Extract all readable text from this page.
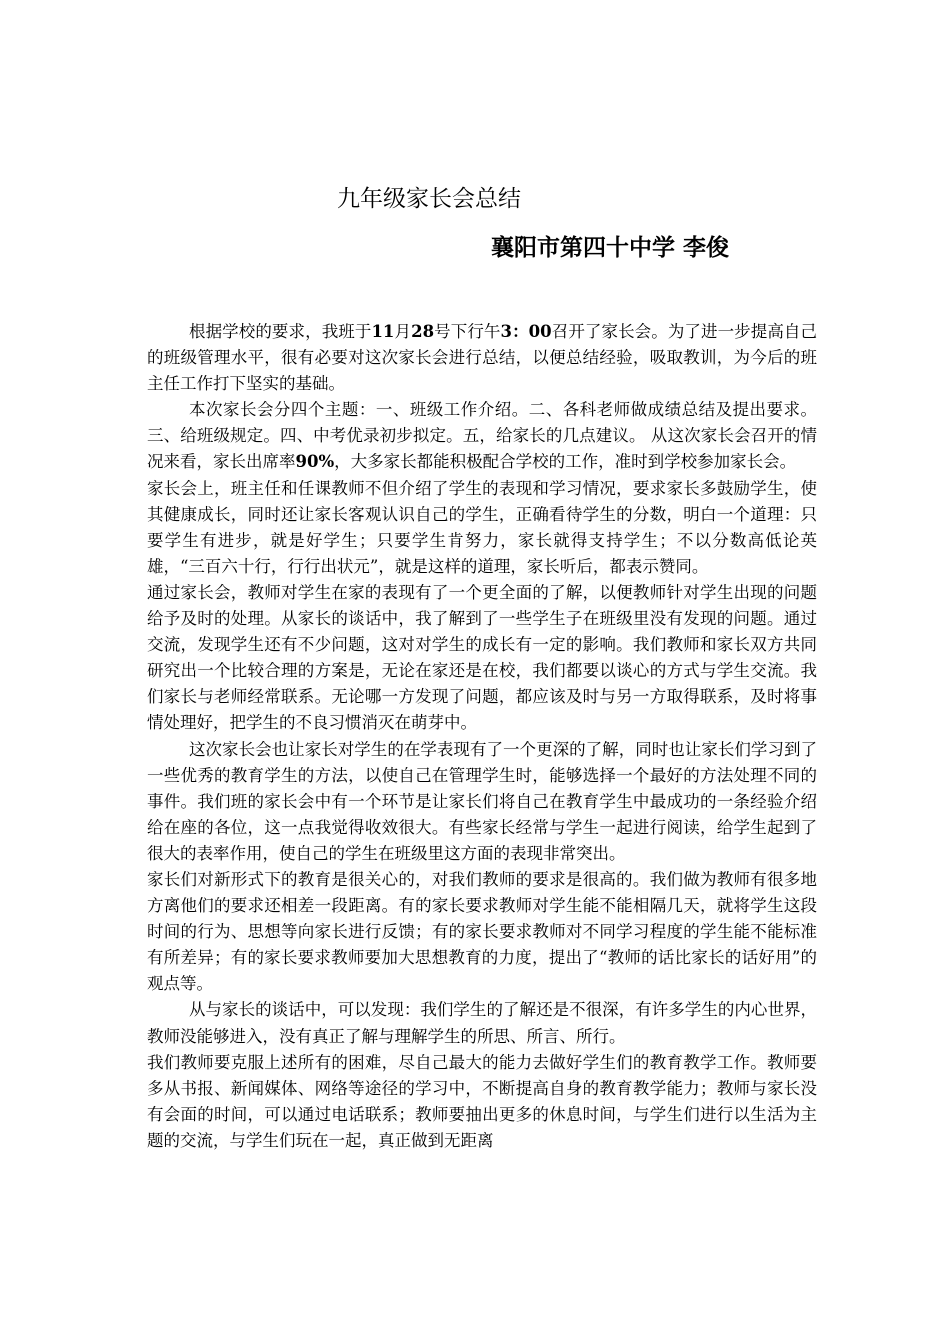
九年级家长会总结
襄阳市第四十中学 李俊

根据学校的要求，我班于11月28号下行午3：00召开了家长会。为了进一步提高自己的班级管理水平，很有必要对这次家长会进行总结，以便总结经验，吸取教训，为今后的班主任工作打下坚实的基础。

本次家长会分四个主题：一、班级工作介绍。二、各科老师做成绩总结及提出要求。三、给班级规定。四、中考优录初步拟定。五，给家长的几点建议。 从这次家长会召开的情况来看，家长出席率90%，大多家长都能积极配合学校的工作，准时到学校参加家长会。

家长会上，班主任和任课教师不但介绍了学生的表现和学习情况，要求家长多鼓励学生，使其健康成长，同时还让家长客观认识自己的学生，正确看待学生的分数，明白一个道理：只要学生有进步，就是好学生；只要学生肯努力，家长就得支持学生；不以分数高低论英雄，“三百六十行，行行出状元”，就是这样的道理，家长听后，都表示赞同。

通过家长会，教师对学生在家的表现有了一个更全面的了解，以便教师针对学生出现的问题给予及时的处理。从家长的谈话中，我了解到了一些学生子在班级里没有发现的问题。通过交流，发现学生还有不少问题，这对对学生的成长有一定的影响。我们教师和家长双方共同研究出一个比较合理的方案是，无论在家还是在校，我们都要以谈心的方式与学生交流。我们家长与老师经常联系。无论哪一方发现了问题，都应该及时与另一方取得联系，及时将事情处理好，把学生的不良习惯消灭在萌芽中。

这次家长会也让家长对学生的在学表现有了一个更深的了解，同时也让家长们学习到了一些优秀的教育学生的方法，以使自己在管理学生时，能够选择一个最好的方法处理不同的事件。我们班的家长会中有一个环节是让家长们将自己在教育学生中最成功的一条经验介绍给在座的各位，这一点我觉得收效很大。有些家长经常与学生一起进行阅读，给学生起到了很大的表率作用，使自己的学生在班级里这方面的表现非常突出。

家长们对新形式下的教育是很关心的，对我们教师的要求是很高的。我们做为教师有很多地方离他们的要求还相差一段距离。有的家长要求教师对学生能不能相隔几天，就将学生这段时间的行为、思想等向家长进行反馈；有的家长要求教师对不同学习程度的学生能不能标准有所差异；有的家长要求教师要加大思想教育的力度，提出了“教师的话比家长的话好用”的观点等。

从与家长的谈话中，可以发现：我们学生的了解还是不很深，有许多学生的内心世界，教师没能够进入，没有真正了解与理解学生的所思、所言、所行。

我们教师要克服上述所有的困难，尽自己最大的能力去做好学生们的教育教学工作。教师要多从书报、新闻媒体、网络等途径的学习中，不断提高自身的教育教学能力；教师与家长没有会面的时间，可以通过电话联系；教师要抽出更多的休息时间，与学生们进行以生活为主题的交流，与学生们玩在一起，真正做到无距离
